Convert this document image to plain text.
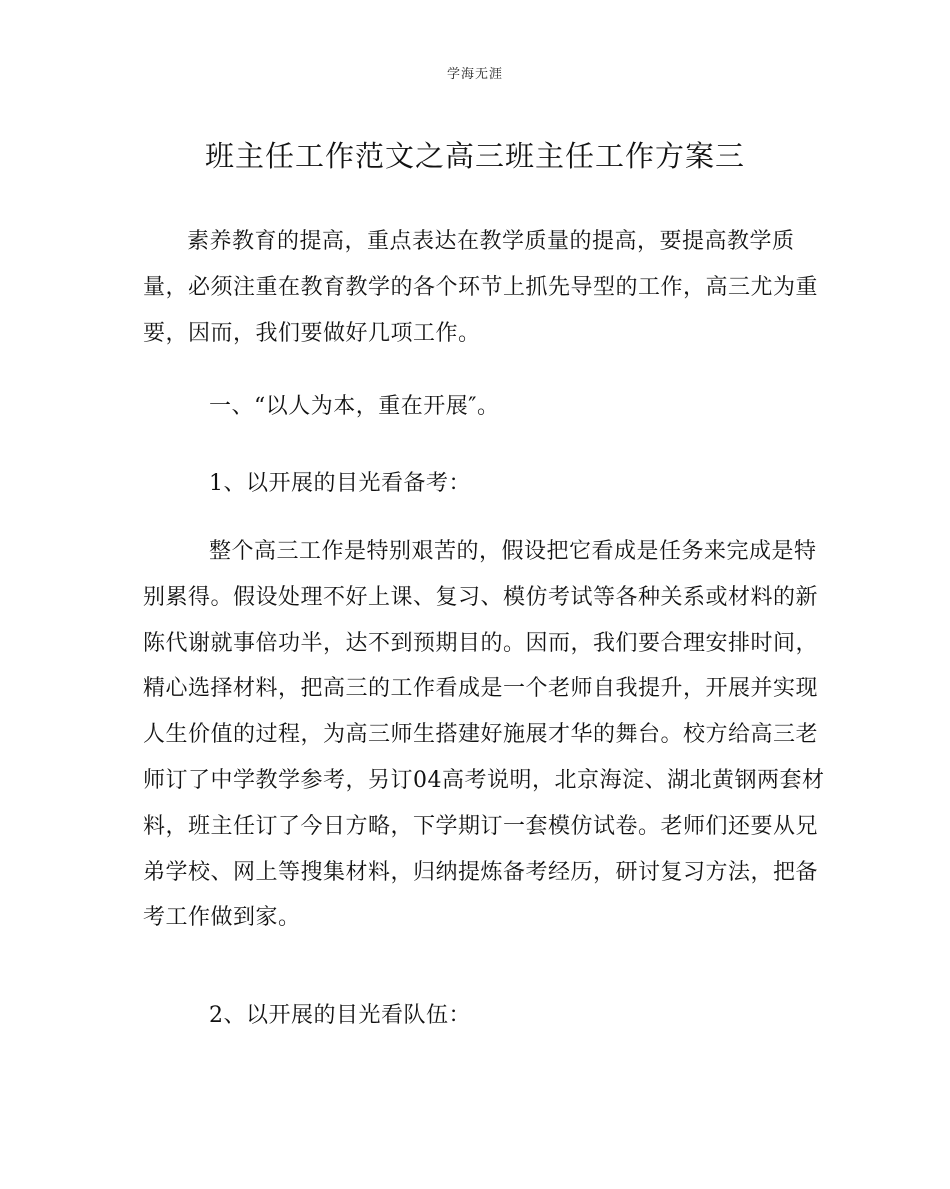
学海无涯
班主任工作范文之高三班主任工作方案三
素养教育的提高，重点表达在教学质量的提高，要提高教学质
量，必须注重在教育教学的各个环节上抓先导型的工作，高三尤为重
要，因而，我们要做好几项工作。
一、“以人为本，重在开展″。
1、以开展的目光看备考：
整个高三工作是特别艰苦的，假设把它看成是任务来完成是特
别累得。假设处理不好上课、复习、模仿考试等各种关系或材料的新
陈代谢就事倍功半，达不到预期目的。因而，我们要合理安排时间，
精心选择材料，把高三的工作看成是一个老师自我提升，开展并实现
人生价值的过程，为高三师生搭建好施展才华的舞台。校方给高三老
师订了中学教学参考，另订04高考说明，北京海淀、湖北黄钢两套材
料，班主任订了今日方略，下学期订一套模仿试卷。老师们还要从兄
弟学校、网上等搜集材料，归纳提炼备考经历，研讨复习方法，把备
考工作做到家。
2、以开展的目光看队伍：
